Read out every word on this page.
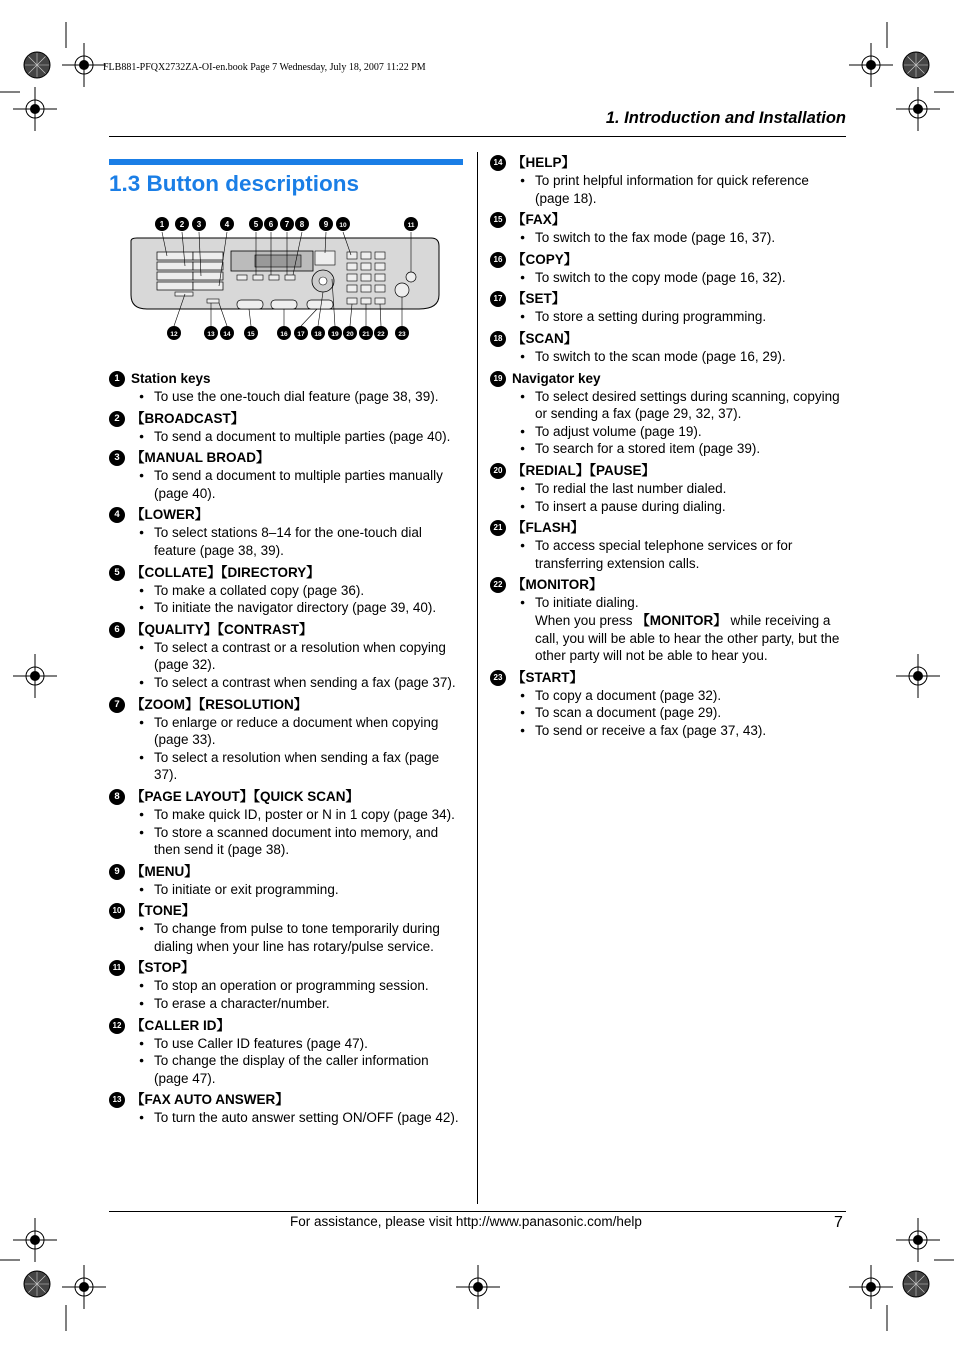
FLB881-PFQX2732ZA-OI-en.book Page 7 Wednesday, July 18, 2007 11:22 PM
1. Introduction and Installation
1.3 Button descriptions
1 2 3	4	5 6 7 8 9 10	11
12	13 14	15	16 17 18 19 20 21 22 23
1 Station keys
● To use the one-touch dial feature (page 38, 39).
2 【BROADCAST】
● To send a document to multiple parties (page 40).
3 【MANUAL BROAD】
● To send a document to multiple parties manually (page 40).
4 【LOWER】
● To select stations 8–14 for the one-touch dial feature (page 38, 39).
5 【COLLATE】【DIRECTORY】
● To make a collated copy (page 36).
● To initiate the navigator directory (page 39, 40).
6 【QUALITY】【CONTRAST】
● To select a contrast or a resolution when copying (page 32).
● To select a contrast when sending a fax (page 37).
7 【ZOOM】【RESOLUTION】
● To enlarge or reduce a document when copying (page 33).
● To select a resolution when sending a fax (page 37).
8 【PAGE LAYOUT】【QUICK SCAN】
● To make quick ID, poster or N in 1 copy (page 34).
● To store a scanned document into memory, and then send it (page 38).
9 【MENU】
● To initiate or exit programming.
10 【TONE】
● To change from pulse to tone temporarily during dialing when your line has rotary/pulse service.
11 【STOP】
● To stop an operation or programming session.
● To erase a character/number.
12 【CALLER ID】
● To use Caller ID features (page 47).
● To change the display of the caller information (page 47).
13 【FAX AUTO ANSWER】
● To turn the auto answer setting ON/OFF (page 42).
14 【HELP】
● To print helpful information for quick reference (page 18).
15 【FAX】
● To switch to the fax mode (page 16, 37).
16 【COPY】
● To switch to the copy mode (page 16, 32).
17 【SET】
● To store a setting during programming.
18 【SCAN】
● To switch to the scan mode (page 16, 29).
19 Navigator key
● To select desired settings during scanning, copying or sending a fax (page 29, 32, 37).
● To adjust volume (page 19).
● To search for a stored item (page 39).
20 【REDIAL】【PAUSE】
● To redial the last number dialed.
● To insert a pause during dialing.
21 【FLASH】
● To access special telephone services or for transferring extension calls.
22 【MONITOR】
● To initiate dialing.
When you press 【MONITOR】 while receiving a call, you will be able to hear the other party, but the other party will not be able to hear you.
23 【START】
● To copy a document (page 32).
● To scan a document (page 29).
● To send or receive a fax (page 37, 43).
For assistance, please visit http://www.panasonic.com/help	7
